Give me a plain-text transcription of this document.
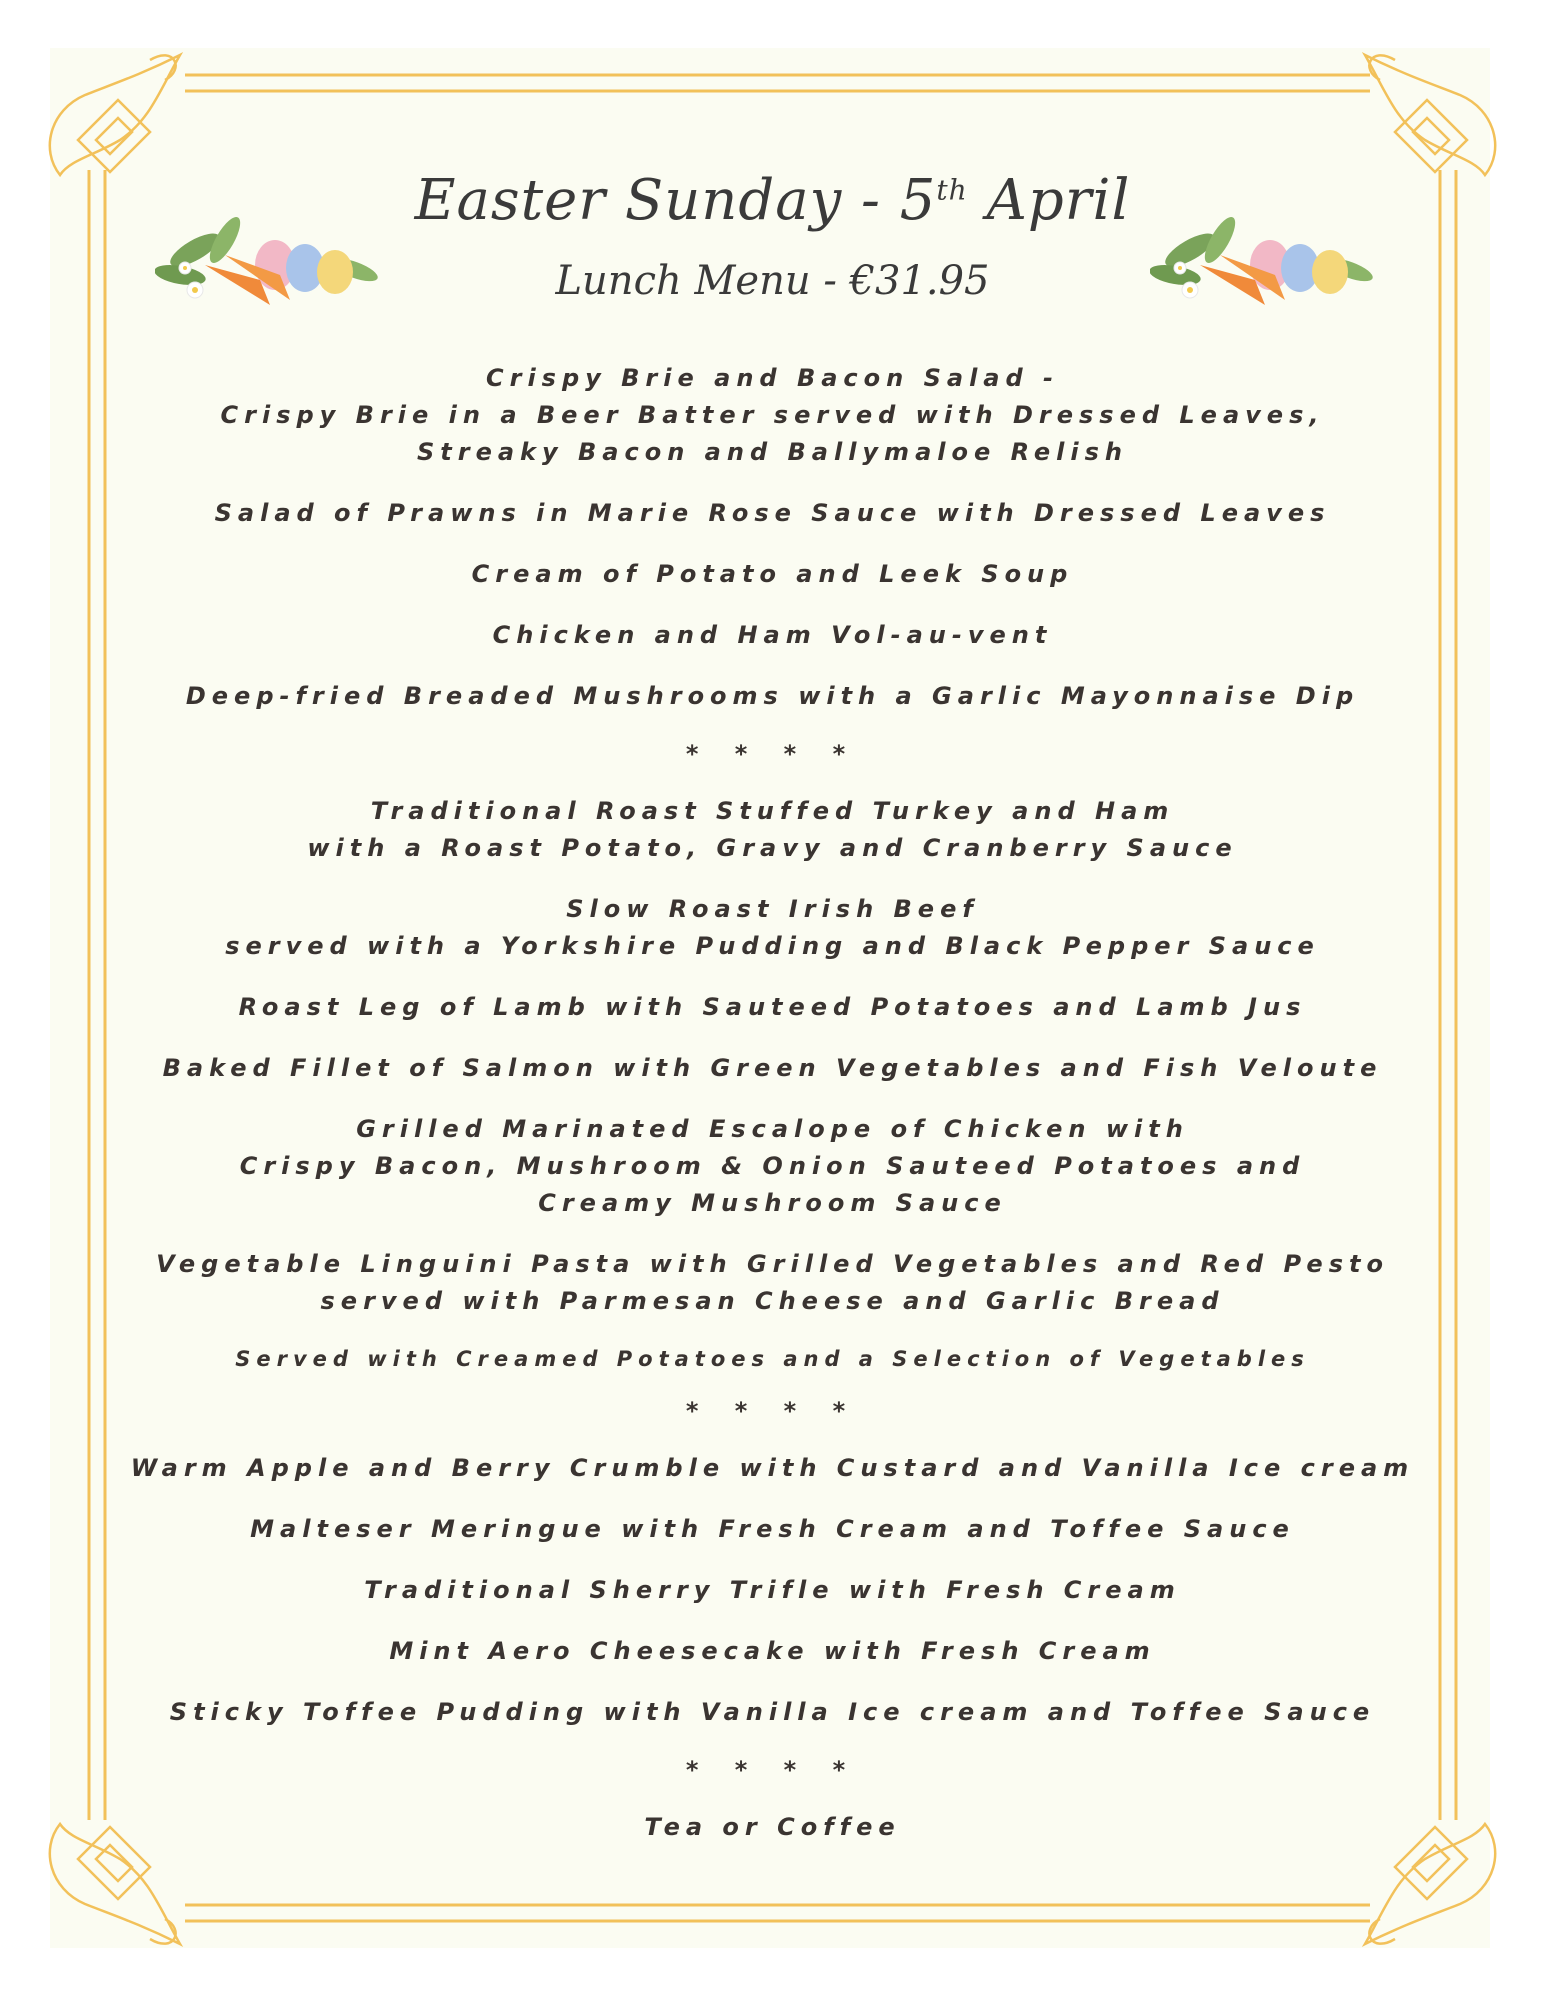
Easter Sunday - 5th April
Lunch Menu - €31.95
Crispy Brie and Bacon Salad -
Crispy Brie in a Beer Batter served with Dressed Leaves,
Streaky Bacon and Ballymaloe Relish
Salad of Prawns in Marie Rose Sauce with Dressed Leaves
Cream of Potato and Leek Soup
Chicken and Ham Vol-au-vent
Deep-fried Breaded Mushrooms with a Garlic Mayonnaise Dip
* * * *
Traditional Roast Stuffed Turkey and Ham
with a Roast Potato, Gravy and Cranberry Sauce
Slow Roast Irish Beef
served with a Yorkshire Pudding and Black Pepper Sauce
Roast Leg of Lamb with Sauteed Potatoes and Lamb Jus
Baked Fillet of Salmon with Green Vegetables and Fish Veloute
Grilled Marinated Escalope of Chicken with
Crispy Bacon, Mushroom & Onion Sauteed Potatoes and
Creamy Mushroom Sauce
Vegetable Linguini Pasta with Grilled Vegetables and Red Pesto
served with Parmesan Cheese and Garlic Bread
Served with Creamed Potatoes and a Selection of Vegetables
* * * *
Warm Apple and Berry Crumble with Custard and Vanilla Ice cream
Malteser Meringue with Fresh Cream and Toffee Sauce
Traditional Sherry Trifle with Fresh Cream
Mint Aero Cheesecake with Fresh Cream
Sticky Toffee Pudding with Vanilla Ice cream and Toffee Sauce
* * * *
Tea or Coffee
